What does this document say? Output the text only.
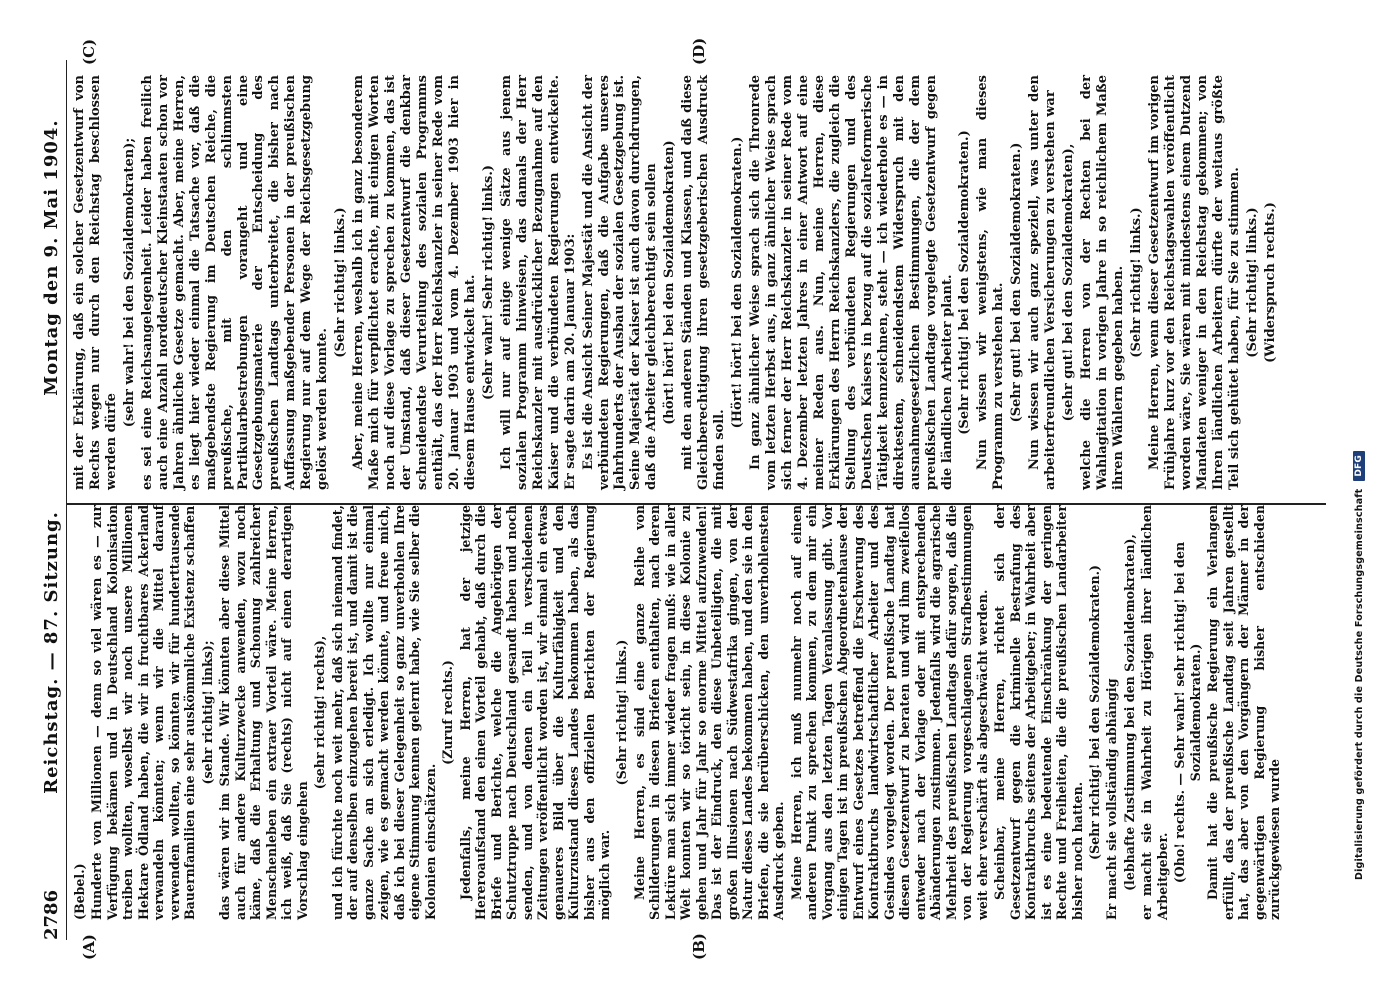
2786
Reichstag. — 87. Sitzung.
Montag den 9. Mai 1904.
(A)	(B)
(C)	(D)

(Bebel.) Hunderte von Millionen — denn so viel wären es — zur Verfügung bekämen und in Deutschland Kolonisation treiben wollten, woselbst wir noch unsere Millionen Hektare Ödland haben, die wir in fruchtbares Ackerland verwandeln könnten; wenn wir die Mittel darauf verwenden wollten, so könnten wir für hunderttausende Bauernfamilien eine sehr auskömmliche Existenz schaffen (sehr richtig! links); das wären wir im Stande. Wir könnten aber diese Mittel auch für andere Kulturzwecke anwenden, wozu noch käme, daß die Erhaltung und Schonung zahlreicher Menschenleben ein extraer Vorteil wäre. Meine Herren, ich weiß, daß Sie (rechts) nicht auf einen derartigen Vorschlag eingehen

(sehr richtig! rechts), und ich fürchte noch weit mehr, daß sich niemand findet, der auf denselben einzugehen bereit ist, und damit ist die ganze Sache an sich erledigt. Ich wollte nur einmal zeigen, wie es gemacht werden könnte, und freue mich, daß ich bei dieser Gelegenheit so ganz unverhohlen Ihre eigene Stimmung kennen gelernt habe, wie Sie selber die Kolonien einschätzen.

(Zuruf rechts.) Jedenfalls, meine Herren, hat der jetzige Hereroaufstand den einen Vorteil gehabt, daß durch die Briefe und Berichte, welche die Angehörigen der Schutztruppe nach Deutschland gesandt haben und noch senden, und von denen ein Teil in verschiedenen Zeitungen veröffentlicht worden ist, wir einmal ein etwas genaueres Bild über die Kulturfähigkeit und den Kulturzustand dieses Landes bekommen haben, als das bisher aus den offiziellen Berichten der Regierung möglich war.

(Sehr richtig! links.) Meine Herren, es sind eine ganze Reihe von Schilderungen in diesen Briefen enthalten, nach deren Lektüre man sich immer wieder fragen muß: wie in aller Welt konnten wir so töricht sein, in diese Kolonie zu gehen und Jahr für Jahr so enorme Mittel aufzuwenden! Das ist der Eindruck, den diese Unbeteiligten, die mit großen Illusionen nach Südwestafrika gingen, von der Natur dieses Landes bekommen haben, und den sie in den Briefen, die sie herüberschicken, den unverhohlensten Ausdruck geben. Meine Herren, ich muß nunmehr noch auf einen anderen Punkt zu sprechen kommen, zu dem mir ein Vorgang aus den letzten Tagen Veranlassung gibt. Vor einigen Tagen ist im preußischen Abgeordnetenhause der Entwurf eines Gesetzes betreffend die Erschwerung des Kontraktbruchs landwirtschaftlicher Arbeiter und des Gesindes vorgelegt worden. Der preußische Landtag hat diesen Gesetzentwurf zu beraten und wird ihm zweifellos entweder nach der Vorlage oder mit entsprechenden Abänderungen zustimmen. Jedenfalls wird die agrarische Mehrheit des preußischen Landtags dafür sorgen, daß die von der Regierung vorgeschlagenen Strafbestimmungen weit eher verschärft als abgeschwächt werden. Scheinbar, meine Herren, richtet sich der Gesetzentwurf gegen die kriminelle Bestrafung des Kontraktbruchs seitens der Arbeitgeber; in Wahrheit aber ist es eine bedeutende Einschränkung der geringen Rechte und Freiheiten, die die preußischen Landarbeiter bisher noch hatten. (Sehr richtig! bei den Sozialdemokraten.) Er macht sie vollständig abhängig (lebhafte Zustimmung bei den Sozialdemokraten), er macht sie in Wahrheit zu Hörigen ihrer ländlichen Arbeitgeber. (Oho! rechts. — Sehr wahr! sehr richtig! bei den Sozialdemokraten.) Damit hat die preußische Regierung ein Verlangen erfüllt, das der preußische Landtag seit Jahren gestellt hat, das aber von den Vorgängern der Männer in der gegenwärtigen Regierung bisher entschieden zurückgewiesen wurde

mit der Erklärung, daß ein solcher Gesetzentwurf von Rechts wegen nur durch den Reichstag beschlossen werden dürfe

(sehr wahr! bei den Sozialdemokraten); es sei eine Reichsangelegenheit. Leider haben freilich auch eine Anzahl norddeutscher Kleinstaaten schon vor Jahren ähnliche Gesetze gemacht. Aber, meine Herren, es liegt hier wieder einmal die Tatsache vor, daß die maßgebendste Regierung im Deutschen Reiche, die preußische, mit den schlimmsten Partikularbestrebungen vorangeht und eine Gesetzgebungsmaterie der Entscheidung des preußischen Landtags unterbreitet, die bisher nach Auffassung maßgebender Personen in der preußischen Regierung nur auf dem Wege der Reichsgesetzgebung gelöst werden konnte.

(Sehr richtig! links.) Aber, meine Herren, weshalb ich in ganz besonderem Maße mich für verpflichtet erachte, mit einigen Worten noch auf diese Vorlage zu sprechen zu kommen, das ist der Umstand, daß dieser Gesetzentwurf die denkbar schneidendste Verurteilung des sozialen Programms enthält, das der Herr Reichskanzler in seiner Rede vom 20. Januar 1903 und vom 4. Dezember 1903 hier in diesem Hause entwickelt hat. (Sehr wahr! Sehr richtig! links.) Ich will nur auf einige wenige Sätze aus jenem sozialen Programm hinweisen, das damals der Herr Reichskanzler mit ausdrücklicher Bezugnahme auf den Kaiser und die verbündeten Regierungen entwickelte. Er sagte darin am 20. Januar 1903: Es ist die Ansicht Seiner Majestät und die Ansicht der verbündeten Regierungen, daß die Aufgabe unseres Jahrhunderts der Ausbau der sozialen Gesetzgebung ist. Seine Majestät der Kaiser ist auch davon durchdrungen, daß die Arbeiter gleichberechtigt sein sollen (hört! hört! bei den Sozialdemokraten) mit den anderen Ständen und Klassen, und daß diese Gleichberechtigung ihren gesetzgeberischen Ausdruck finden soll.

(Hört! hört! bei den Sozialdemokraten.) In ganz ähnlicher Weise sprach sich die Thronrede vom letzten Herbst aus, in ganz ähnlicher Weise sprach sich ferner der Herr Reichskanzler in seiner Rede vom 4. Dezember letzten Jahres in einer Antwort auf eine meiner Reden aus. Nun, meine Herren, diese Erklärungen des Herrn Reichskanzlers, die zugleich die Stellung des verbündeten Regierungen und des Deutschen Kaisers in bezug auf die sozialreformerische Tätigkeit kennzeichnen, steht — ich wiederhole es — in direktestem, schneidendstem Widerspruch mit den ausnahmegesetzlichen Bestimmungen, die der dem preußischen Landtage vorgelegte Gesetzentwurf gegen die ländlichen Arbeiter plant. (Sehr richtig! bei den Sozialdemokraten.) Nun wissen wir wenigstens, wie man dieses Programm zu verstehen hat. (Sehr gut! bei den Sozialdemokraten.) Nun wissen wir auch ganz speziell, was unter den arbeiterfreundlichen Versicherungen zu verstehen war (sehr gut! bei den Sozialdemokraten), welche die Herren von der Rechten bei der Wahlagitation in vorigen Jahre in so reichlichem Maße ihren Wählern gegeben haben. (Sehr richtig! links.) Meine Herren, wenn dieser Gesetzentwurf im vorigen Frühjahre kurz vor den Reichstagswahlen veröffentlicht worden wäre, Sie wären mit mindestens einem Dutzend Mandaten weniger in den Reichstag gekommen; von Ihren ländlichen Arbeitern dürfte der weitaus größte Teil sich gehütet haben, für Sie zu stimmen. (Sehr richtig! links.) (Widerspruch rechts.)

Digitalisierung gefördert durch die Deutsche Forschungsgemeinschaft
DFG
